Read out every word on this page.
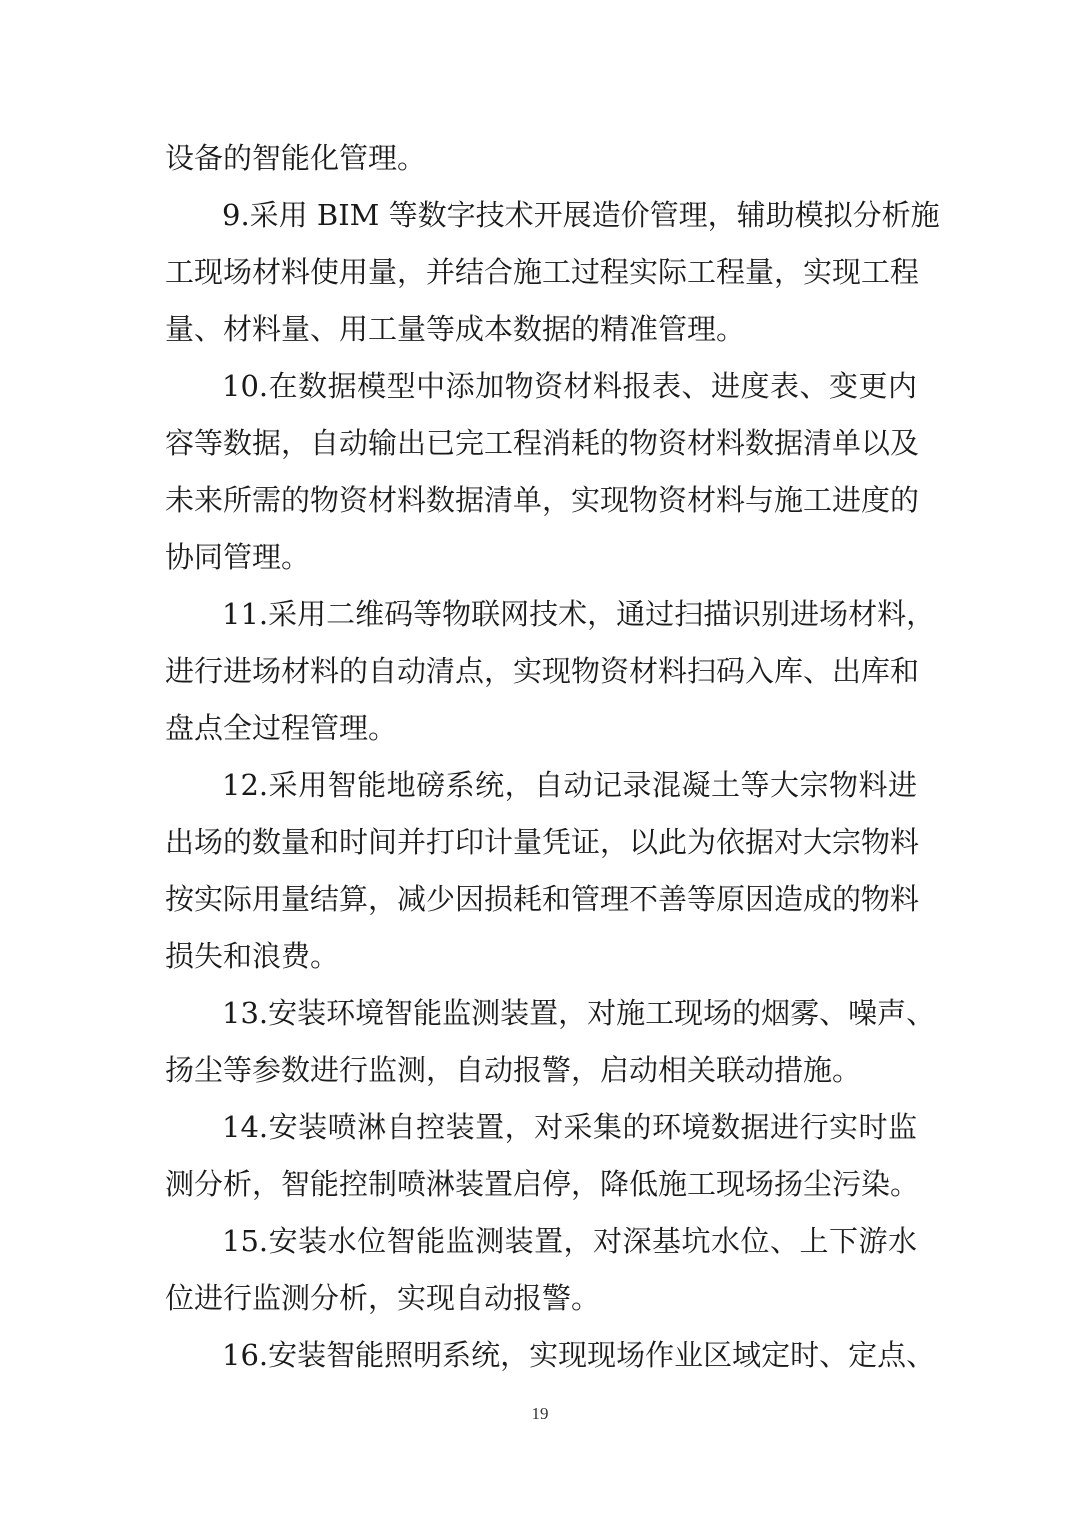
设备的智能化管理。
9.采用 BIM 等数字技术开展造价管理，辅助模拟分析施
工现场材料使用量，并结合施工过程实际工程量，实现工程
量、材料量、用工量等成本数据的精准管理。
10.在数据模型中添加物资材料报表、进度表、变更内
容等数据，自动输出已完工程消耗的物资材料数据清单以及
未来所需的物资材料数据清单，实现物资材料与施工进度的
协同管理。
11.采用二维码等物联网技术，通过扫描识别进场材料，
进行进场材料的自动清点，实现物资材料扫码入库、出库和
盘点全过程管理。
12.采用智能地磅系统，自动记录混凝土等大宗物料进
出场的数量和时间并打印计量凭证，以此为依据对大宗物料
按实际用量结算，减少因损耗和管理不善等原因造成的物料
损失和浪费。
13.安装环境智能监测装置，对施工现场的烟雾、噪声、
扬尘等参数进行监测，自动报警，启动相关联动措施。
14.安装喷淋自控装置，对采集的环境数据进行实时监
测分析，智能控制喷淋装置启停，降低施工现场扬尘污染。
15.安装水位智能监测装置，对深基坑水位、上下游水
位进行监测分析，实现自动报警。
16.安装智能照明系统，实现现场作业区域定时、定点、
19
